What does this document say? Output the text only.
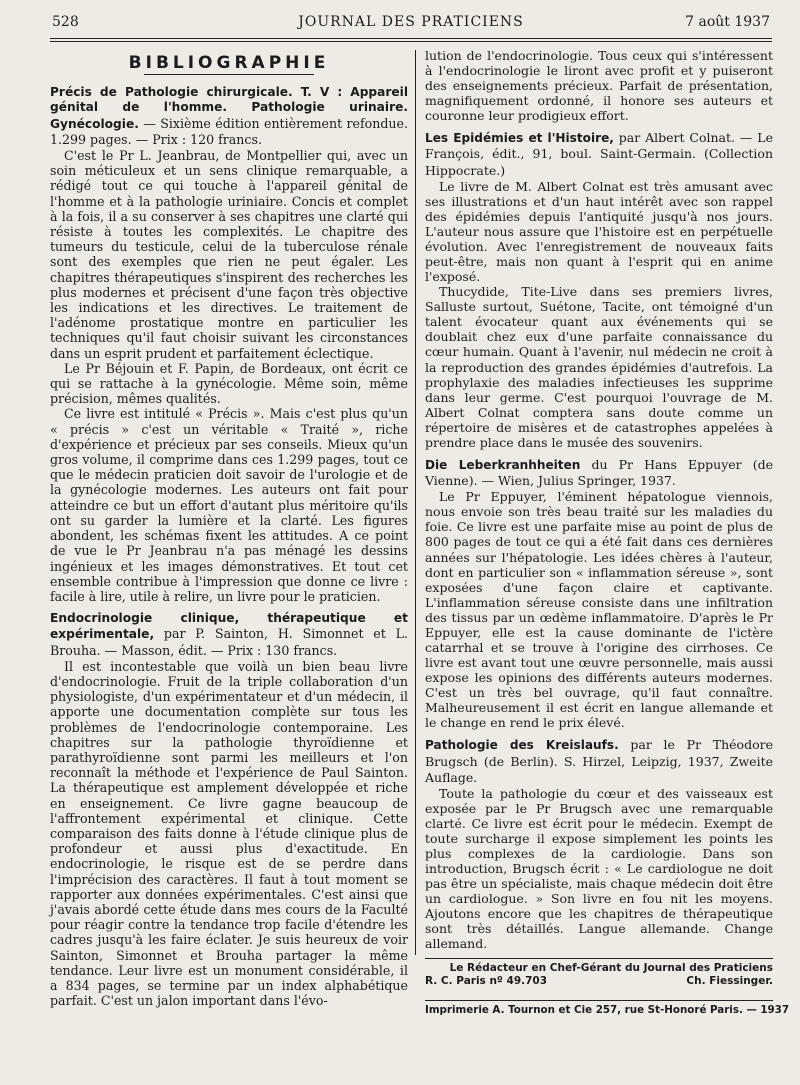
528	JOURNAL DES PRATICIENS	7 août 1937
BIBLIOGRAPHIE

Précis de Pathologie chirurgicale. T. V : Appareil génital de l'homme. Pathologie urinaire. Gynécologie. — Sixième édition entièrement refondue. 1.299 pages. — Prix : 120 francs.

C'est le Pr L. Jeanbrau, de Montpellier qui, avec un soin méticuleux et un sens clinique remarquable, a rédigé tout ce qui touche à l'appareil génital de l'homme et à la pathologie uriniaire. Concis et complet à la fois, il a su conserver à ses chapitres une clarté qui résiste à toutes les complexités. Le chapitre des tumeurs du testicule, celui de la tuberculose rénale sont des exemples que rien ne peut égaler. Les chapitres thérapeutiques s'inspirent des recherches les plus modernes et précisent d'une façon très objective les indications et les directives. Le traitement de l'adénome prostatique montre en particulier les techniques qu'il faut choisir suivant les circonstances dans un esprit prudent et parfaitement éclectique.

Le Pr Béjouin et F. Papin, de Bordeaux, ont écrit ce qui se rattache à la gynécologie. Même soin, même précision, mêmes qualités.

Ce livre est intitulé « Précis ». Mais c'est plus qu'un « précis » c'est un véritable « Traité », riche d'expérience et précieux par ses conseils. Mieux qu'un gros volume, il comprime dans ces 1.299 pages, tout ce que le médecin praticien doit savoir de l'urologie et de la gynécologie modernes. Les auteurs ont fait pour atteindre ce but un effort d'autant plus méritoire qu'ils ont su garder la lumière et la clarté. Les figures abondent, les schémas fixent les attitudes. A ce point de vue le Pr Jeanbrau n'a pas ménagé les dessins ingénieux et les images démonstratives. Et tout cet ensemble contribue à l'impression que donne ce livre : facile à lire, utile à relire, un livre pour le praticien.

Endocrinologie clinique, thérapeutique et expérimentale, par P. Sainton, H. Simonnet et L. Brouha. — Masson, édit. — Prix : 130 francs.

Il est incontestable que voilà un bien beau livre d'endocrinologie. Fruit de la triple collaboration d'un physiologiste, d'un expérimentateur et d'un médecin, il apporte une documentation complète sur tous les problèmes de l'endocrinologie contemporaine. Les chapitres sur la pathologie thyroïdienne et parathyroïdienne sont parmi les meilleurs et l'on reconnaît la méthode et l'expérience de Paul Sainton. La thérapeutique est amplement développée et riche en enseignement. Ce livre gagne beaucoup de l'affrontement expérimental et clinique. Cette comparaison des faits donne à l'étude clinique plus de profondeur et aussi plus d'exactitude. En endocrinologie, le risque est de se perdre dans l'imprécision des caractères. Il faut à tout moment se rapporter aux données expérimentales. C'est ainsi que j'avais abordé cette étude dans mes cours de la Faculté pour réagir contre la tendance trop facile d'étendre les cadres jusqu'à les faire éclater. Je suis heureux de voir Sainton, Simonnet et Brouha partager la même tendance. Leur livre est un monument considérable, il a 834 pages, se termine par un index alphabétique parfait. C'est un jalon important dans l'évo-

lution de l'endocrinologie. Tous ceux qui s'intéressent à l'endocrinologie le liront avec profit et y puiseront des enseignements précieux. Parfait de présentation, magnifiquement ordonné, il honore ses auteurs et couronne leur prodigieux effort.

Les Epidémies et l'Histoire, par Albert Colnat. — Le François, édit., 91, boul. Saint-Germain. (Collection Hippocrate.)

Le livre de M. Albert Colnat est très amusant avec ses illustrations et d'un haut intérêt avec son rappel des épidémies depuis l'antiquité jusqu'à nos jours. L'auteur nous assure que l'histoire est en perpétuelle évolution. Avec l'enregistrement de nouveaux faits peut-être, mais non quant à l'esprit qui en anime l'exposé.

Thucydide, Tite-Live dans ses premiers livres, Salluste surtout, Suétone, Tacite, ont témoigné d'un talent évocateur quant aux événements qui se doublait chez eux d'une parfaite connaissance du cœur humain. Quant à l'avenir, nul médecin ne croit à la reproduction des grandes épidémies d'autrefois. La prophylaxie des maladies infectieuses les supprime dans leur germe. C'est pourquoi l'ouvrage de M. Albert Colnat comptera sans doute comme un répertoire de misères et de catastrophes appelées à prendre place dans le musée des souvenirs.

Die Leberkranhheiten du Pr Hans Eppuyer (de Vienne). — Wien, Julius Springer, 1937.

Le Pr Eppuyer, l'éminent hépatologue viennois, nous envoie son très beau traité sur les maladies du foie. Ce livre est une parfaite mise au point de plus de 800 pages de tout ce qui a été fait dans ces dernières années sur l'hépatologie. Les idées chères à l'auteur, dont en particulier son « inflammation séreuse », sont exposées d'une façon claire et captivante. L'inflammation séreuse consiste dans une infiltration des tissus par un œdème inflammatoire. D'après le Pr Eppuyer, elle est la cause dominante de l'ictère catarrhal et se trouve à l'origine des cirrhoses. Ce livre est avant tout une œuvre personnelle, mais aussi expose les opinions des différents auteurs modernes. C'est un très bel ouvrage, qu'il faut connaître. Malheureusement il est écrit en langue allemande et le change en rend le prix élevé.

Pathologie des Kreislaufs. par le Pr Théodore Brugsch (de Berlin). S. Hirzel, Leipzig, 1937, Zweite Auflage.

Toute la pathologie du cœur et des vaisseaux est exposée par le Pr Brugsch avec une remarquable clarté. Ce livre est écrit pour le médecin. Exempt de toute surcharge il expose simplement les points les plus complexes de la cardiologie. Dans son introduction, Brugsch écrit : « Le cardiologue ne doit pas être un spécialiste, mais chaque médecin doit être un cardiologue. » Son livre en fou nit les moyens. Ajoutons encore que les chapitres de thérapeutique sont très détaillés. Langue allemande. Change allemand.

Le Rédacteur en Chef-Gérant du Journal des Praticiens
R. C. Paris nº 49.703	Ch. Fiessinger.
Imprimerie A. Tournon et Cie 257, rue St-Honoré Paris. — 1937
